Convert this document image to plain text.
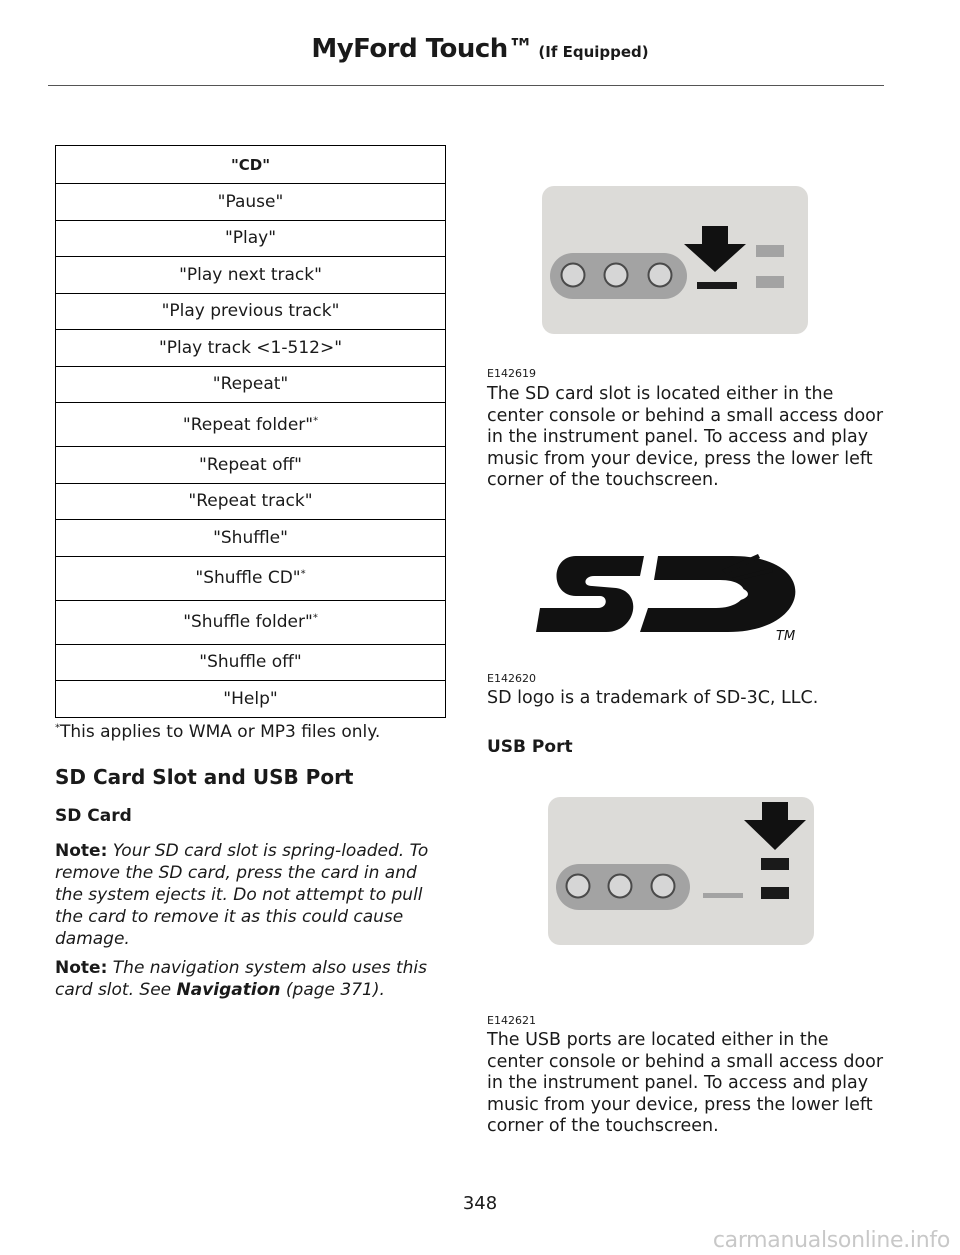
MyFord Touch™ (If Equipped)
"CD"
"Pause"
"Play"
"Play next track"
"Play previous track"
"Play track <1-512>"
"Repeat"
"Repeat folder"*
"Repeat off"
"Repeat track"
"Shuffle"
"Shuffle CD"*
"Shuffle folder"*
"Shuffle off"
"Help"
*This applies to WMA or MP3 files only.
SD Card Slot and USB Port
SD Card
Note: Your SD card slot is spring-loaded. To remove the SD card, press the card in and the system ejects it. Do not attempt to pull the card to remove it as this could cause damage.
Note: The navigation system also uses this card slot. See Navigation (page 371).
E142619
The SD card slot is located either in the center console or behind a small access door in the instrument panel. To access and play music from your device, press the lower left corner of the touchscreen.
TM
E142620
SD logo is a trademark of SD-3C, LLC.
USB Port
E142621
The USB ports are located either in the center console or behind a small access door in the instrument panel. To access and play music from your device, press the lower left corner of the touchscreen.
348
carmanualsonline.info
